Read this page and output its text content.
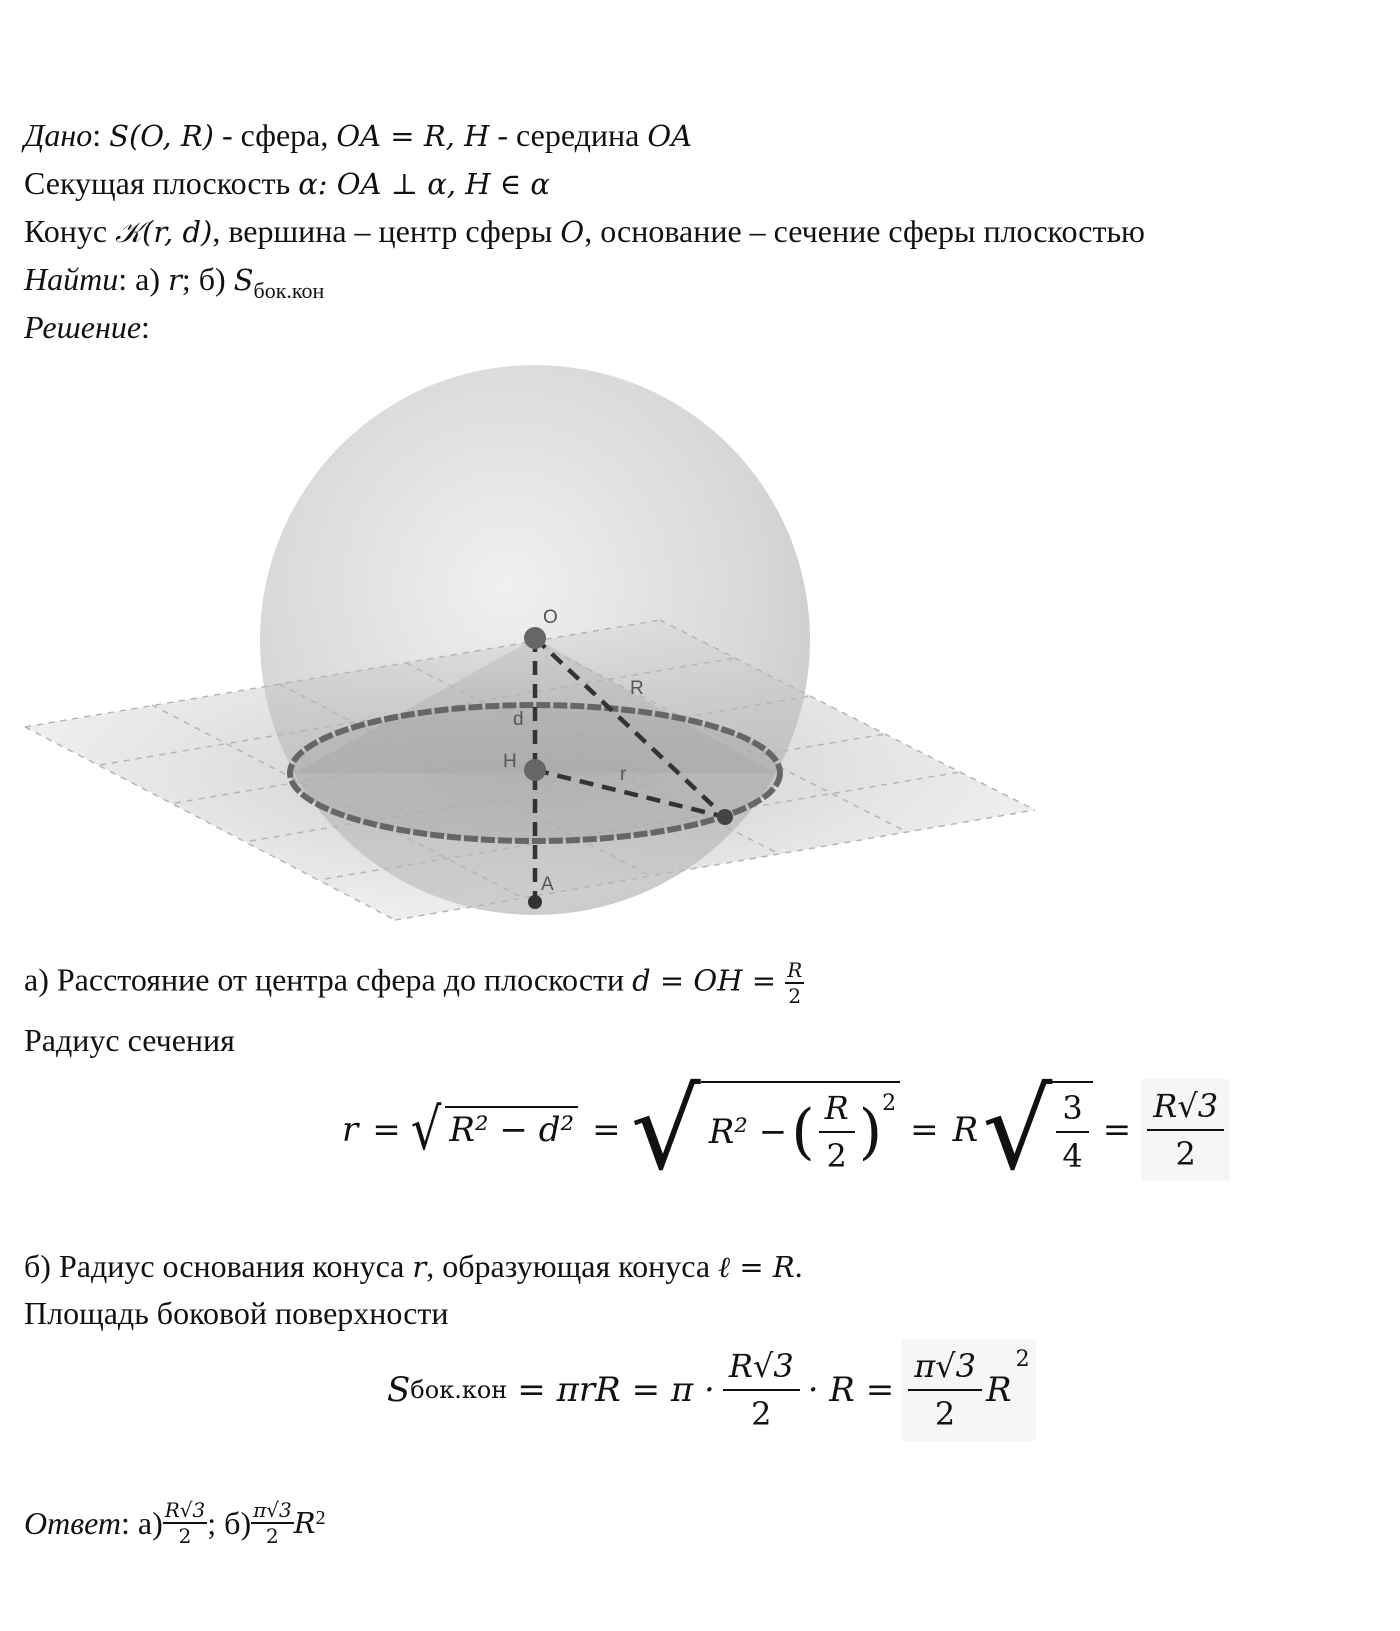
Дано: S(O, R) - сфера, OA = R, H - середина OA
Секущая плоскость α: OA ⊥ α, H ∈ α
Конус 𝒦(r, d), вершина – центр сферы O, основание – сечение сферы плоскостью
Найти: а) r; б) $S_{бок.кон}$
Решение:
O
R
d
H
r
A
а) Расстояние от центра сфера до плоскости d = OH = $\frac{R}{2}$
Радиус сечения
r = √ R² − d² = √ R² − ( $\frac{R}{2}$ ) 2
= R √ $\frac{3}{4} = \frac{R√3}{2}$
б) Радиус основания конуса r, образующая конуса ℓ = R.
Площадь боковой поверхности
S $бок.кон = \pi rR = \pi \cdot \frac{R√3}{2} \cdot R = \frac{\pi√3}{2}$ R
2
Ответ : $а) \frac{R√3}{2}$ ; $б) \frac{\pi√3}{2}$ R 2
